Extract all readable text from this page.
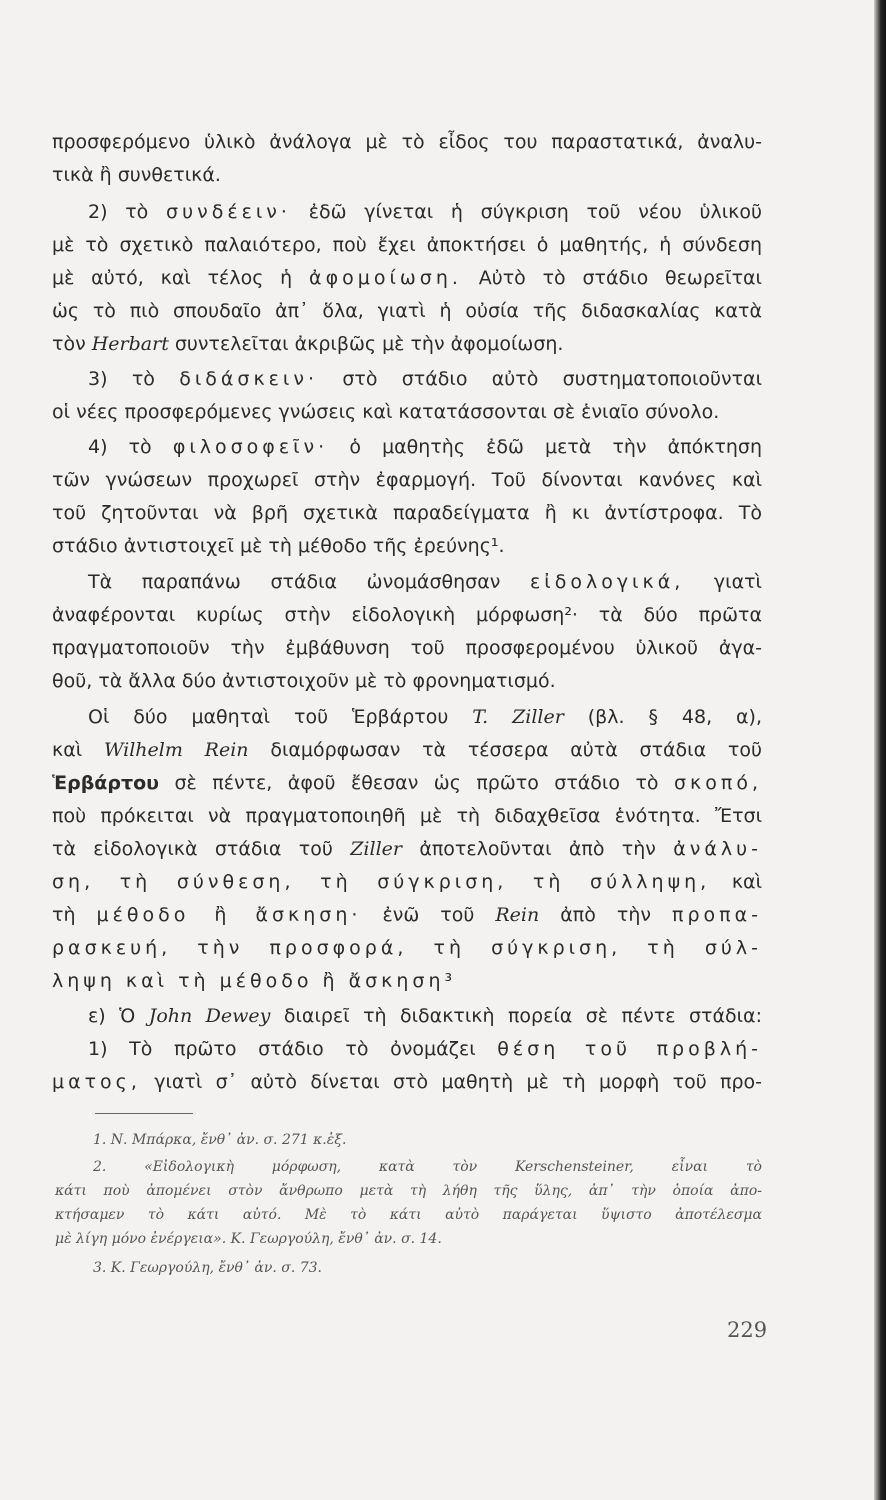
προσφερόμενο ὑλικὸ ἀνάλογα μὲ τὸ εἶδος του παραστατικά, ἀναλυ-
τικὰ ἢ συνθετικά.
2) τὸ συνδέειν· ἐδῶ γίνεται ἡ σύγκριση τοῦ νέου ὑλικοῦ
μὲ τὸ σχετικὸ παλαιότερο, ποὺ ἔχει ἀποκτήσει ὁ μαθητής, ἡ σύνδεση
μὲ αὐτό, καὶ τέλος ἡ ἀφομοίωση. Αὐτὸ τὸ στάδιο θεωρεῖται
ὡς τὸ πιὸ σπουδαῖο ἀπ᾿ ὅλα, γιατὶ ἡ οὐσία τῆς διδασκαλίας κατὰ
τὸν Herbart συντελεῖται ἀκριβῶς μὲ τὴν ἀφομοίωση.
3) τὸ διδάσκειν· στὸ στάδιο αὐτὸ συστηματοποιοῦνται
οἱ νέες προσφερόμενες γνώσεις καὶ κατατάσσονται σὲ ἑνιαῖο σύνολο.
4) τὸ φιλοσοφεῖν· ὁ μαθητὴς ἐδῶ μετὰ τὴν ἀπόκτηση
τῶν γνώσεων προχωρεῖ στὴν ἐφαρμογή. Τοῦ δίνονται κανόνες καὶ
τοῦ ζητοῦνται νὰ βρῆ σχετικὰ παραδείγματα ἢ κι ἀντίστροφα. Τὸ
στάδιο ἀντιστοιχεῖ μὲ τὴ μέθοδο τῆς ἐρεύνης¹.
Τὰ παραπάνω στάδια ὠνομάσθησαν εἰδολογικά, γιατὶ
ἀναφέρονται κυρίως στὴν εἰδολογικὴ μόρφωση²· τὰ δύο πρῶτα
πραγματοποιοῦν τὴν ἐμβάθυνση τοῦ προσφερομένου ὑλικοῦ ἀγα-
θοῦ, τὰ ἄλλα δύο ἀντιστοιχοῦν μὲ τὸ φρονηματισμό.
Οἱ δύο μαθηταὶ τοῦ Ἑρβάρτου T. Ziller (βλ. § 48, α),
καὶ Wilhelm Rein διαμόρφωσαν τὰ τέσσερα αὐτὰ στάδια τοῦ
Ἑρβάρτου σὲ πέντε, ἀφοῦ ἔθεσαν ὡς πρῶτο στάδιο τὸ σκοπό,
ποὺ πρόκειται νὰ πραγματοποιηθῆ μὲ τὴ διδαχθεῖσα ἑνότητα. Ἔτσι
τὰ εἰδολογικὰ στάδια τοῦ Ziller ἀποτελοῦνται ἀπὸ τὴν ἀνάλυ-
ση, τὴ σύνθεση, τὴ σύγκριση, τὴ σύλληψη, καὶ
τὴ μέθοδο ἢ ἄσκηση· ἐνῶ τοῦ Rein ἀπὸ τὴν προπα-
ρασκευή, τὴν προσφορά, τὴ σύγκριση, τὴ σύλ-
ληψη καὶ τὴ μέθοδο ἢ ἄσκηση³
ε) Ὁ John Dewey διαιρεῖ τὴ διδακτικὴ πορεία σὲ πέντε στάδια:
1) Τὸ πρῶτο στάδιο τὸ ὀνομάζει θέση τοῦ προβλή-
ματος, γιατὶ σ᾿ αὐτὸ δίνεται στὸ μαθητὴ μὲ τὴ μορφὴ τοῦ προ-
1. Ν. Μπάρκα, ἔνθ᾿ ἀν. σ. 271 κ.ἑξ.
2. «Εἰδολογικὴ μόρφωση, κατὰ τὸν Kerschensteiner, εἶναι τὸ
κάτι ποὺ ἀπομένει στὸν ἄνθρωπο μετὰ τὴ λήθη τῆς ὕλης, ἀπ᾿ τὴν ὁποία ἀπο-
κτήσαμεν τὸ κάτι αὐτό. Μὲ τὸ κάτι αὐτὸ παράγεται ὕψιστο ἀποτέλεσμα
μὲ λίγη μόνο ἐνέργεια». Κ. Γεωργούλη, ἔνθ᾿ ἀν. σ. 14.
3. Κ. Γεωργούλη, ἔνθ᾿ ἀν. σ. 73.
229
